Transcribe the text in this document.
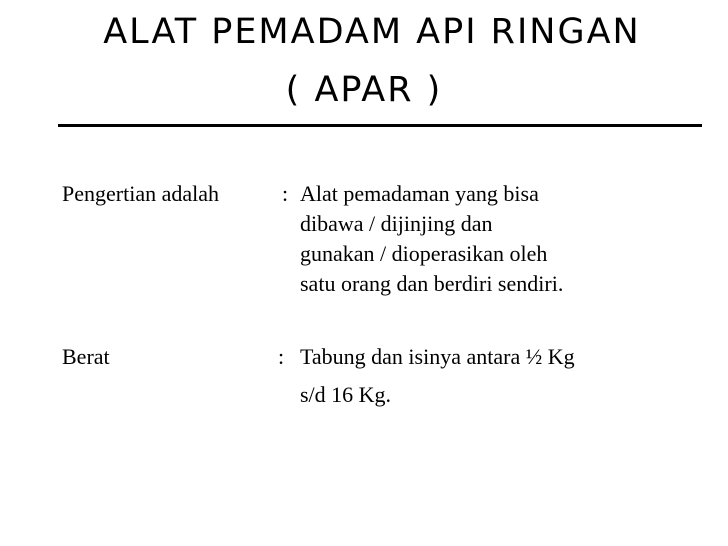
ALAT PEMADAM API RINGAN
( APAR )
Pengertian adalah	: Alat pemadaman yang bisa
dibawa / dijinjing dan
gunakan / dioperasikan oleh
satu orang dan berdiri sendiri.
Berat	: Tabung dan isinya antara ½ Kg
s/d 16 Kg.
